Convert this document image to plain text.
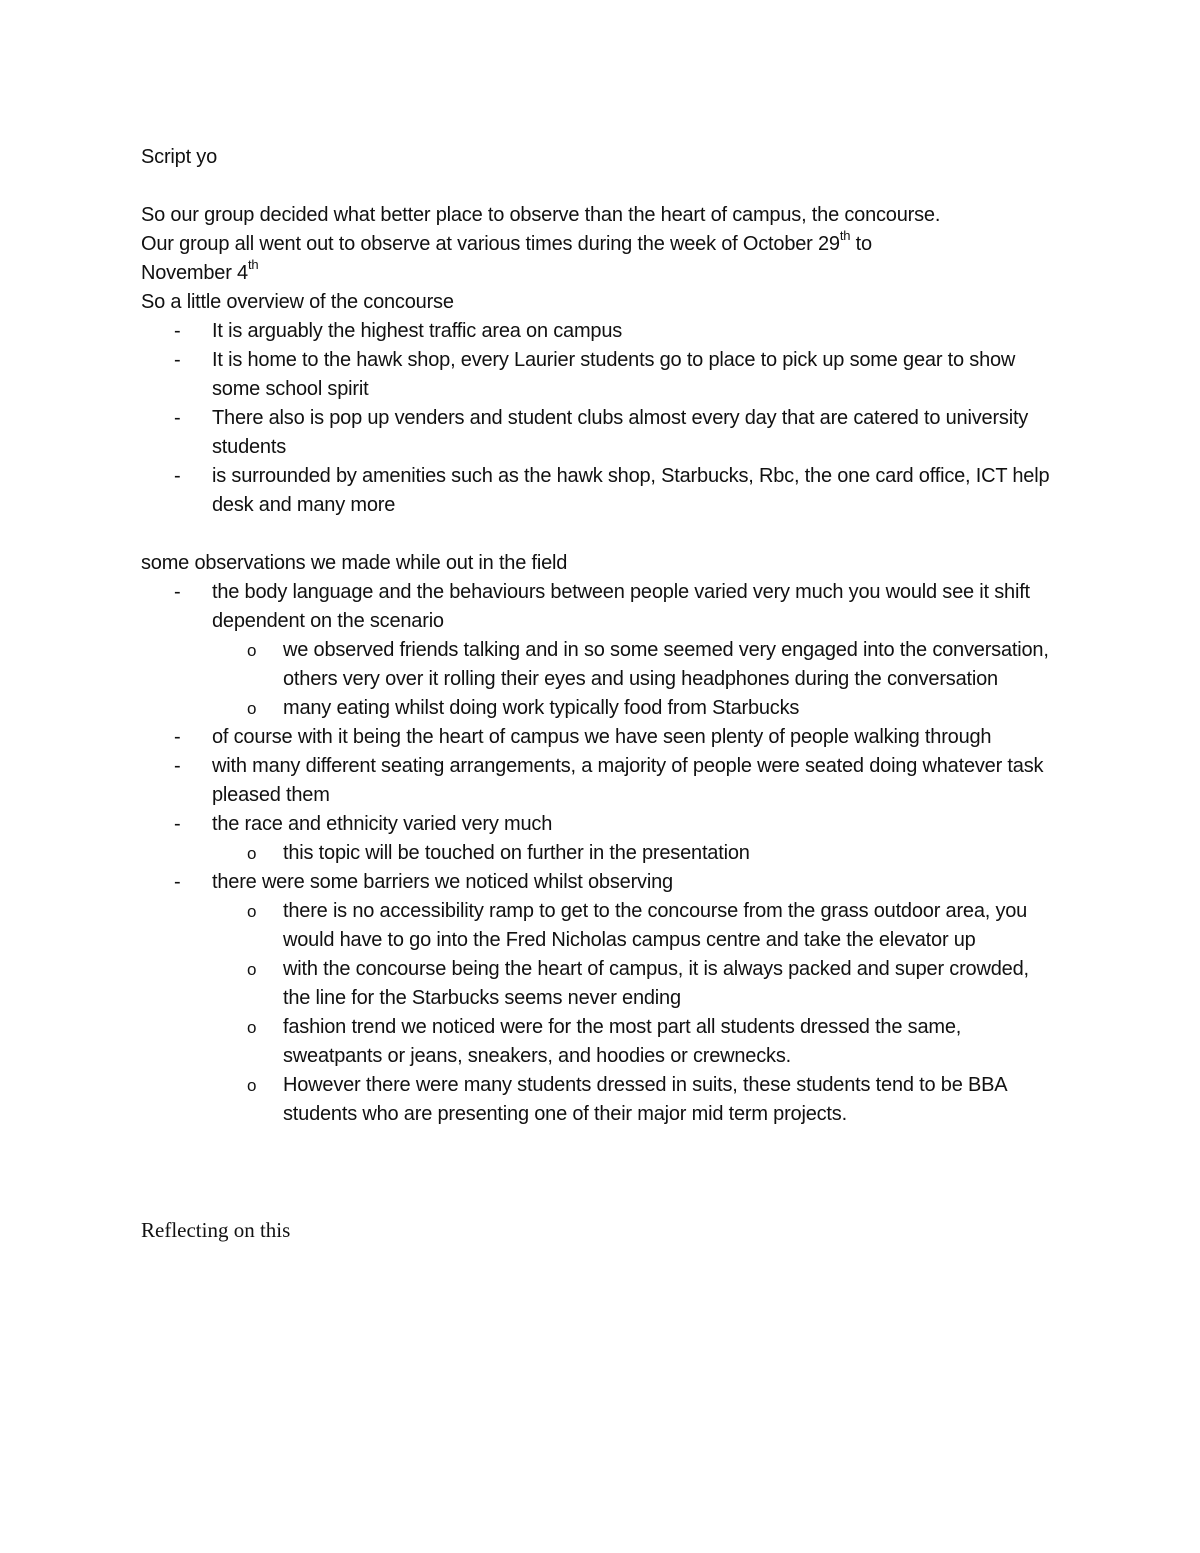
Script yo

So our group decided what better place to observe than the heart of campus, the concourse.

Our group all went out to observe at various times during the week of October 29th to

November 4th

So a little overview of the concourse

- It is arguably the highest traffic area on campus
- It is home to the hawk shop, every Laurier students go to place to pick up some gear to show some school spirit
- There also is pop up venders and student clubs almost every day that are catered to university students
- is surrounded by amenities such as the hawk shop, Starbucks, Rbc, the one card office, ICT help desk and many more

some observations we made while out in the field

- the body language and the behaviours between people varied very much you would see it shift dependent on the scenario
o we observed friends talking and in so some seemed very engaged into the conversation, others very over it rolling their eyes and using headphones during the conversation
o many eating whilst doing work typically food from Starbucks
- of course with it being the heart of campus we have seen plenty of people walking through
- with many different seating arrangements, a majority of people were seated doing whatever task pleased them
- the race and ethnicity varied very much
o this topic will be touched on further in the presentation
- there were some barriers we noticed whilst observing
o there is no accessibility ramp to get to the concourse from the grass outdoor area, you would have to go into the Fred Nicholas campus centre and take the elevator up
o with the concourse being the heart of campus, it is always packed and super crowded, the line for the Starbucks seems never ending
o fashion trend we noticed were for the most part all students dressed the same, sweatpants or jeans, sneakers, and hoodies or crewnecks.
o However there were many students dressed in suits, these students tend to be BBA students who are presenting one of their major mid term projects.

Reflecting on this
